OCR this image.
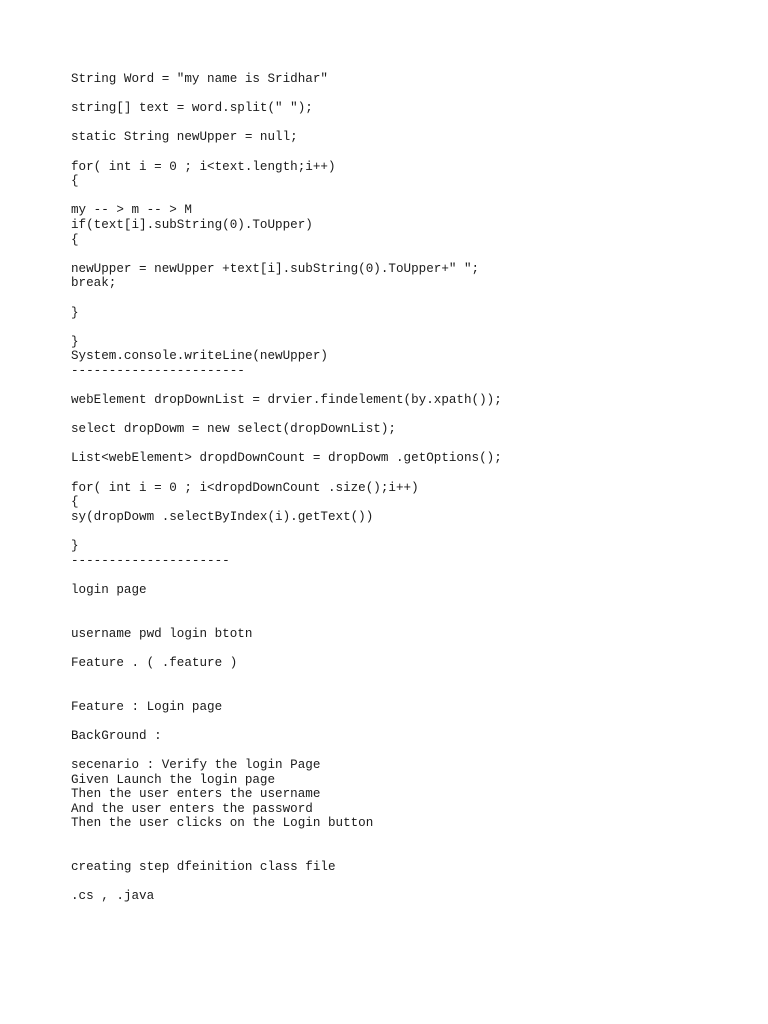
String Word = "my name is Sridhar"
string[] text = word.split(" ");
static String newUpper = null;
for( int i = 0 ; i<text.length;i++)
{
my -- > m -- > M
if(text[i].subString(0).ToUpper)
{
newUpper = newUpper +text[i].subString(0).ToUpper+" ";
break;
}
}
System.console.writeLine(newUpper)
-----------------------
webElement dropDownList = drvier.findelement(by.xpath());
select dropDowm = new select(dropDownList);
List<webElement> dropdDownCount = dropDowm .getOptions();
for( int i = 0 ; i<dropdDownCount .size();i++)
{
sy(dropDowm .selectByIndex(i).getText())
}
---------------------
login page
username pwd login btotn
Feature . ( .feature )
Feature : Login page
BackGround :
secenario : Verify the login Page
Given Launch the login page
Then the user enters the username
And the user enters the password
Then the user clicks on the Login button
creating step dfeinition class file
.cs , .java
